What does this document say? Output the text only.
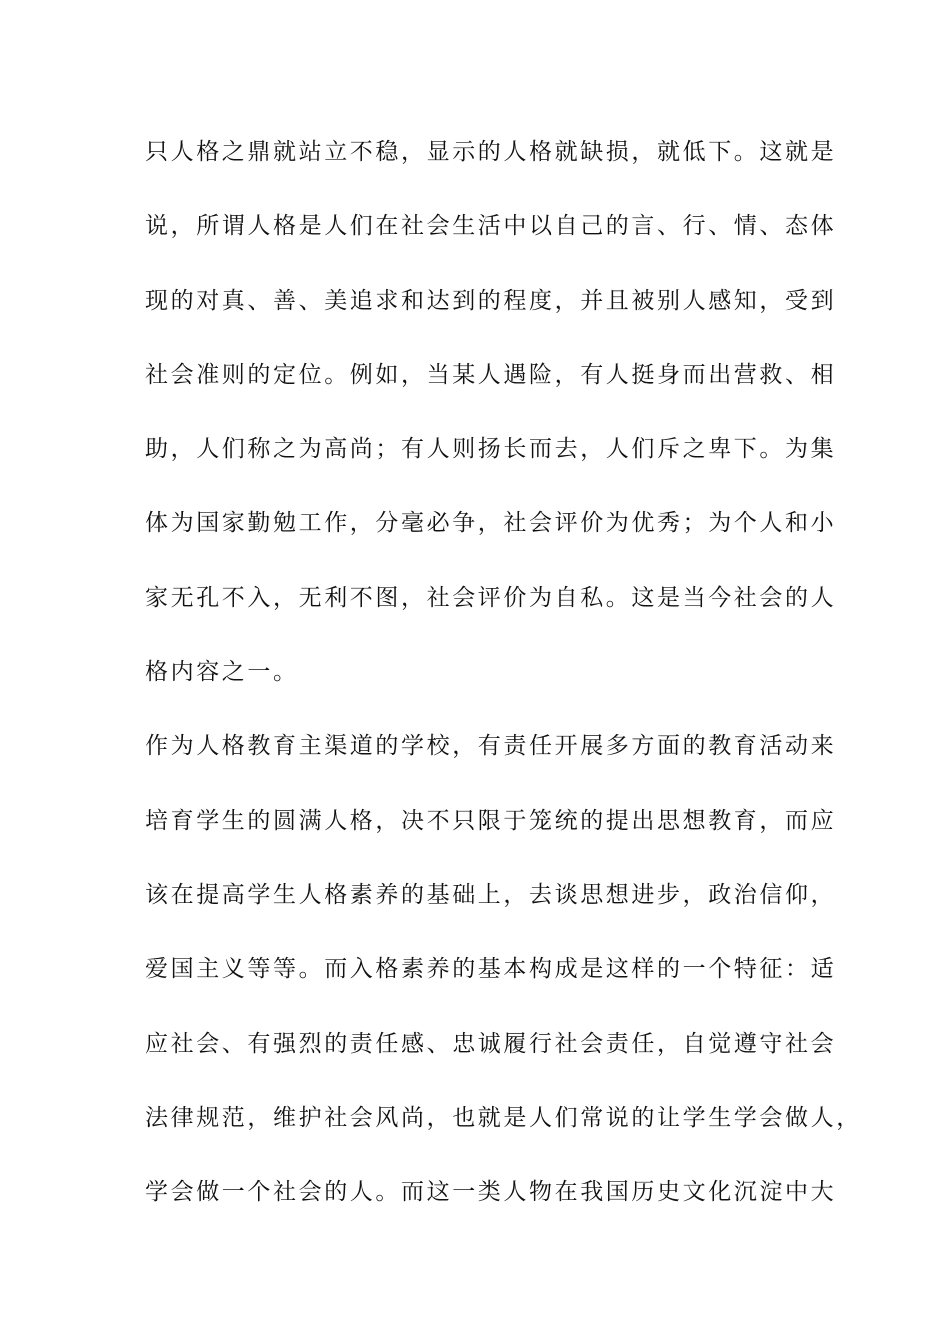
只人格之鼎就站立不稳，显示的人格就缺损，就低下。这就是

说，所谓人格是人们在社会生活中以自己的言、行、情、态体

现的对真、善、美追求和达到的程度，并且被别人感知，受到

社会准则的定位。例如，当某人遇险，有人挺身而出营救、相

助，人们称之为高尚；有人则扬长而去，人们斥之卑下。为集

体为国家勤勉工作，分毫必争，社会评价为优秀；为个人和小

家无孔不入，无利不图，社会评价为自私。这是当今社会的人

格内容之一。

作为人格教育主渠道的学校，有责任开展多方面的教育活动来

培育学生的圆满人格，决不只限于笼统的提出思想教育，而应

该在提高学生人格素养的基础上，去谈思想进步，政治信仰，

爱国主义等等。而入格素养的基本构成是这样的一个特征：适

应社会、有强烈的责任感、忠诚履行社会责任，自觉遵守社会

法律规范，维护社会风尚，也就是人们常说的让学生学会做人，

学会做一个社会的人。而这一类人物在我国历史文化沉淀中大
